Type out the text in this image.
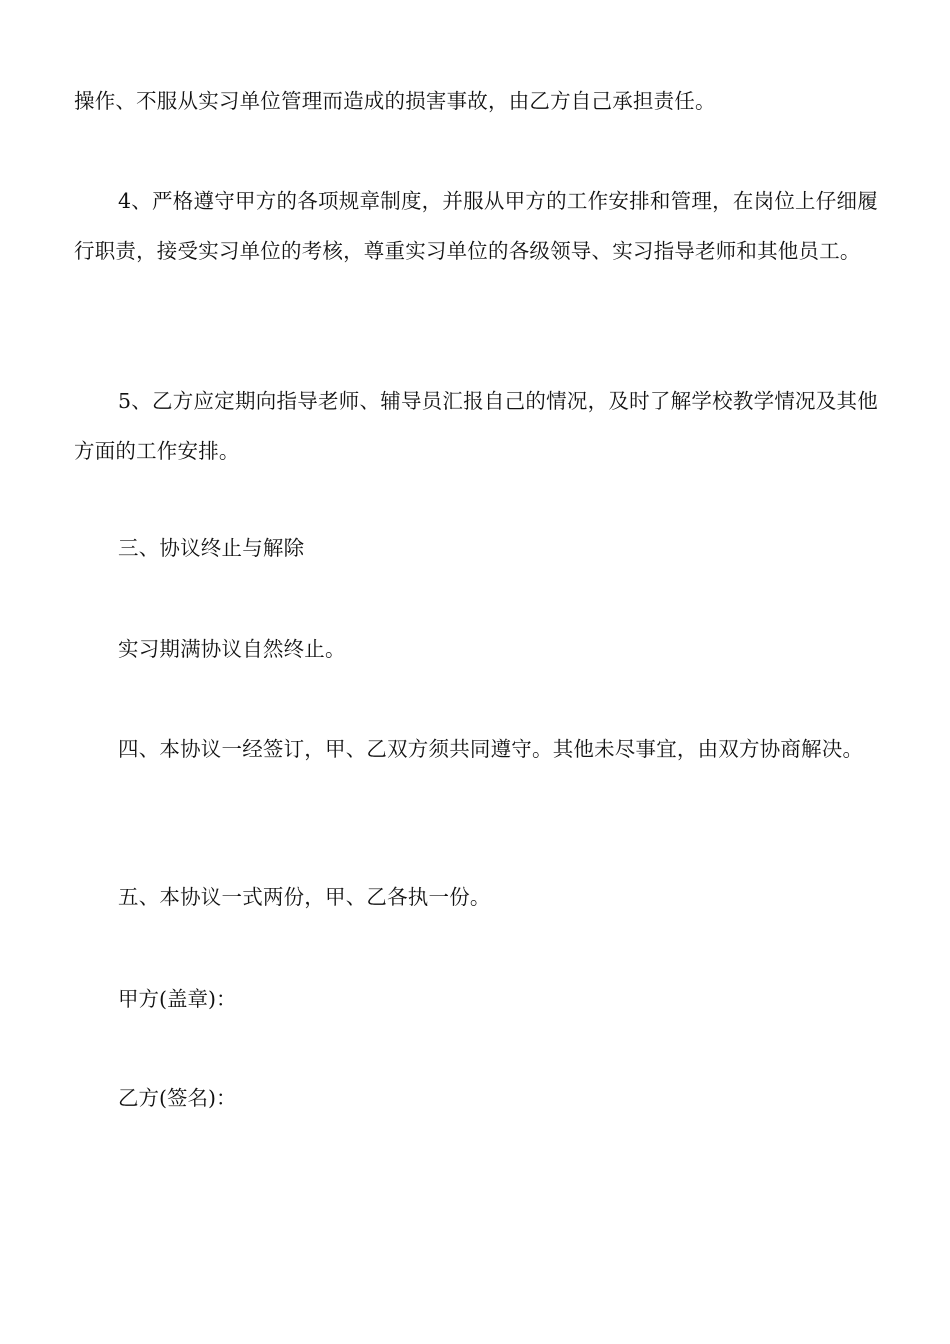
操作、不服从实习单位管理而造成的损害事故，由乙方自己承担责任。

4、严格遵守甲方的各项规章制度，并服从甲方的工作安排和管理，在岗位上仔细履行职责，接受实习单位的考核，尊重实习单位的各级领导、实习指导老师和其他员工。

5、乙方应定期向指导老师、辅导员汇报自己的情况，及时了解学校教学情况及其他方面的工作安排。

三、协议终止与解除

实习期满协议自然终止。

四、本协议一经签订，甲、乙双方须共同遵守。其他未尽事宜，由双方协商解决。

五、本协议一式两份，甲、乙各执一份。

甲方(盖章)：

乙方(签名)：
